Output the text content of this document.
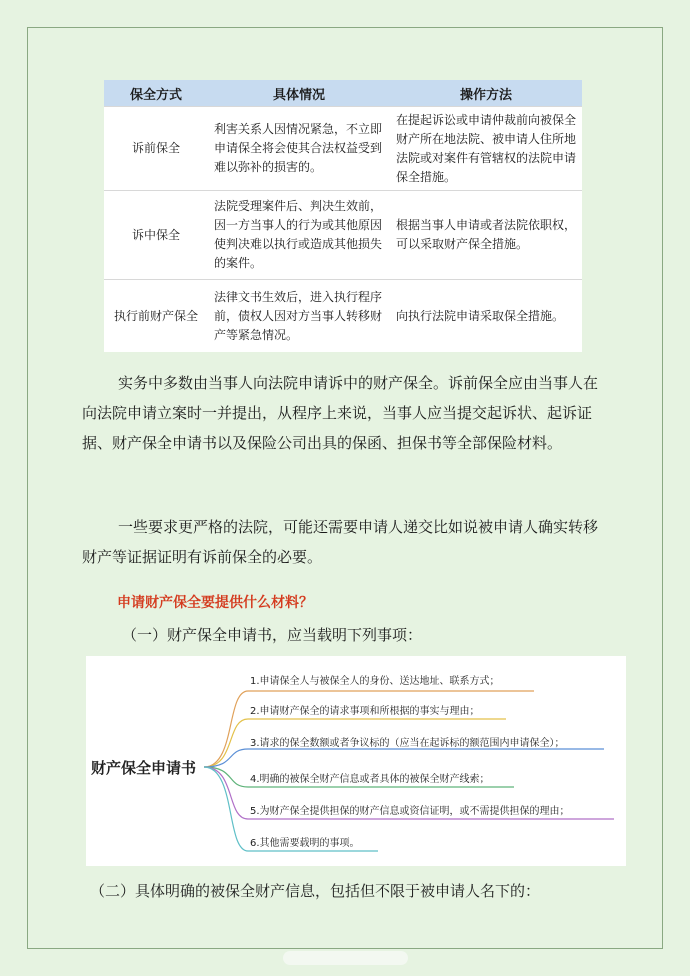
保全方式	具体情况	操作方法
诉前保全	利害关系人因情况紧急，不立即申请保全将会使其合法权益受到难以弥补的损害的。	在提起诉讼或申请仲裁前向被保全财产所在地法院、被申请人住所地法院或对案件有管辖权的法院申请保全措施。
诉中保全	法院受理案件后、判决生效前，因一方当事人的行为或其他原因使判决难以执行或造成其他损失的案件。	根据当事人申请或者法院依职权，可以采取财产保全措施。
执行前财产保全	法律文书生效后，进入执行程序前，债权人因对方当事人转移财产等紧急情况。	向执行法院申请采取保全措施。

实务中多数由当事人向法院申请诉中的财产保全。诉前保全应由当事人在向法院申请立案时一并提出，从程序上来说，当事人应当提交起诉状、起诉证据、财产保全申请书以及保险公司出具的保函、担保书等全部保险材料。

一些要求更严格的法院，可能还需要申请人递交比如说被申请人确实转移财产等证据证明有诉前保全的必要。

申请财产保全要提供什么材料？

（一）财产保全申请书，应当载明下列事项：

财产保全申请书
1.申请保全人与被保全人的身份、送达地址、联系方式；
2.申请财产保全的请求事项和所根据的事实与理由；
3.请求的保全数额或者争议标的（应当在起诉标的额范围内申请保全）；
4.明确的被保全财产信息或者具体的被保全财产线索；
5.为财产保全提供担保的财产信息或资信证明，或不需提供担保的理由；
6.其他需要载明的事项。

（二）具体明确的被保全财产信息，包括但不限于被申请人名下的：
